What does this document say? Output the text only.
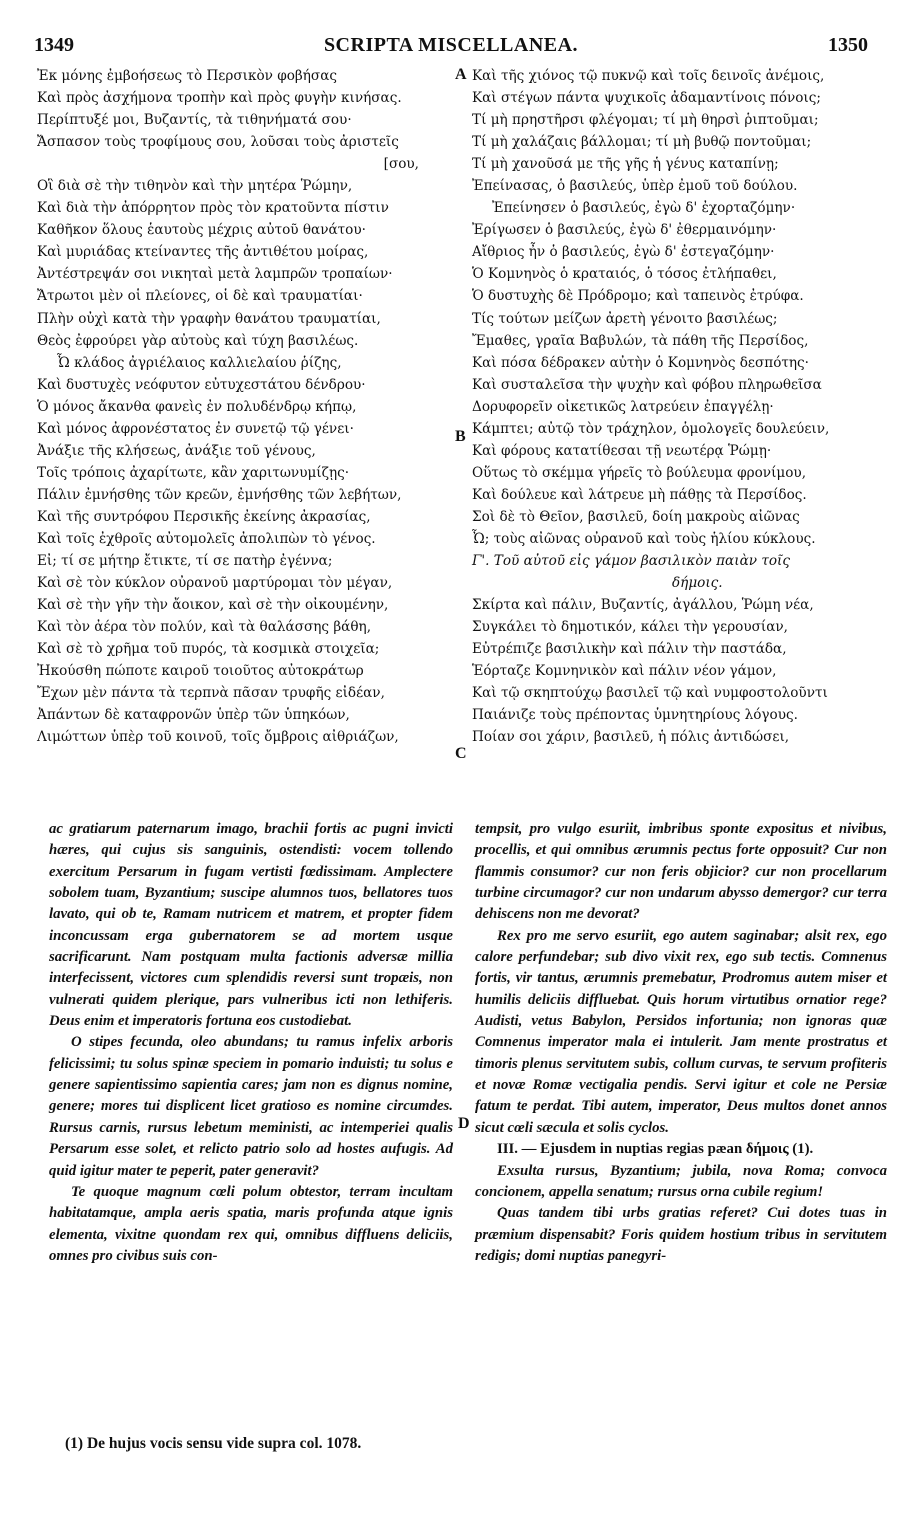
1349	SCRIPTA MISCELLANEA.	1350
Ἐκ μόνης ἐμβοήσεως τὸ Περσικὸν φοβήσας
Καὶ πρὸς ἀσχήμονα τροπὴν καὶ πρὸς φυγὴν κινήσας.
Περίπτυξέ μοι, Βυζαντίς, τὰ τιθηνήματά σου·
Ἄσπασον τοὺς τροφίμους σου, λοῦσαι τοὺς ἀριστεῖς
[σου,
Οἳ διὰ σὲ τὴν τιθηνὸν καὶ τὴν μητέρα Ῥώμην,
Καὶ διὰ τὴν ἀπόρρητον πρὸς τὸν κρατοῦντα πίστιν
Καθῆκον ὅλους ἑαυτοὺς μέχρις αὐτοῦ θανάτου·
Καὶ μυριάδας κτείναντες τῆς ἀντιθέτου μοίρας,
Ἀντέστρεψάν σοι νικηταὶ μετὰ λαμπρῶν τροπαίων·
Ἄτρωτοι μὲν οἱ πλείονες, οἱ δὲ καὶ τραυματίαι·
Πλὴν οὐχὶ κατὰ τὴν γραφὴν θανάτου τραυματίαι,
Θεὸς ἐφρούρει γὰρ αὐτοὺς καὶ τύχη βασιλέως.
Ὦ κλάδος ἀγριέλαιος καλλιελαίου ῥίζης,
Καὶ δυστυχὲς νεόφυτον εὐτυχεστάτου δένδρου·
Ὁ μόνος ἄκανθα φανεὶς ἐν πολυδένδρῳ κήπῳ,
Καὶ μόνος ἀφρονέστατος ἐν συνετῷ τῷ γένει·
Ἀνάξιε τῆς κλήσεως, ἀνάξιε τοῦ γένους,
Τοῖς τρόποις ἀχαρίτωτε, κἂν χαριτωνυμίζῃς·
Πάλιν ἐμνήσθης τῶν κρεῶν, ἐμνήσθης τῶν λεβήτων,
Καὶ τῆς συντρόφου Περσικῆς ἐκείνης ἀκρασίας,
Καὶ τοῖς ἐχθροῖς αὐτομολεῖς ἀπολιπὼν τὸ γένος.
Εἰ; τί σε μήτηρ ἔτικτε, τί σε πατὴρ ἐγέννα;
Καὶ σὲ τὸν κύκλον οὐρανοῦ μαρτύρομαι τὸν μέγαν,
Καὶ σὲ τὴν γῆν τὴν ἄοικον, καὶ σὲ τὴν οἰκουμένην,
Καὶ τὸν ἀέρα τὸν πολύν, καὶ τὰ θαλάσσης βάθη,
Καὶ σὲ τὸ χρῆμα τοῦ πυρός, τὰ κοσμικὰ στοιχεῖα;
Ἠκούσθη πώποτε καιροῦ τοιοῦτος αὐτοκράτωρ
Ἔχων μὲν πάντα τὰ τερπνὰ πᾶσαν τρυφῆς εἰδέαν,
Ἀπάντων δὲ καταφρονῶν ὑπὲρ τῶν ὑπηκόων,
Λιμώττων ὑπὲρ τοῦ κοινοῦ, τοῖς ὄμβροις αἰθριάζων,
Καὶ τῆς χιόνος τῷ πυκνῷ καὶ τοῖς δεινοῖς ἀνέμοις,
Καὶ στέγων πάντα ψυχικοῖς ἀδαμαντίνοις πόνοις;
Τί μὴ πρηστῆρσι φλέγομαι; τί μὴ θηρσὶ ῥιπτοῦμαι;
Τί μὴ χαλάζαις βάλλομαι; τί μὴ βυθῷ ποντοῦμαι;
Τί μὴ χανοῦσά με τῆς γῆς ἡ γένυς καταπίνῃ;
Ἐπείνασας, ὁ βασιλεύς, ὑπὲρ ἐμοῦ τοῦ δούλου.
Ἐπείνησεν ὁ βασιλεύς, ἐγὼ δ' ἐχορταζόμην·
Ἐρίγωσεν ὁ βασιλεύς, ἐγὼ δ' ἐθερμαινόμην·
Αἴθριος ἦν ὁ βασιλεύς, ἐγὼ δ' ἐστεγαζόμην·
Ὁ Κομνηνὸς ὁ κραταιός, ὁ τόσος ἐτλήπαθει,
Ὁ δυστυχὴς δὲ Πρόδρομο; καὶ ταπεινὸς ἐτρύφα.
Τίς τούτων μείζων ἀρετὴ γένοιτο βασιλέως;
Ἔμαθες, γραῖα Βαβυλών, τὰ πάθη τῆς Περσίδος,
Καὶ πόσα δέδρακεν αὐτὴν ὁ Κομνηνὸς δεσπότης·
Καὶ συσταλεῖσα τὴν ψυχὴν καὶ φόβου πληρωθεῖσα
Δορυφορεῖν οἰκετικῶς λατρεύειν ἐπαγγέλῃ·
Κάμπτει; αὐτῷ τὸν τράχηλον, ὁμολογεῖς δουλεύειν,
Καὶ φόρους κατατίθεσαι τῇ νεωτέρᾳ Ῥώμῃ·
Οὕτως τὸ σκέμμα γήρεῖς τὸ βούλευμα φρονίμου,
Καὶ δούλευε καὶ λάτρευε μὴ πάθῃς τὰ Περσίδος.
Σοὶ δὲ τὸ Θεῖον, βασιλεῦ, δοίη μακροὺς αἰῶνας
Ὦ; τοὺς αἰῶνας οὐρανοῦ καὶ τοὺς ἡλίου κύκλους.
Γ'. Τοῦ αὐτοῦ εἰς γάμον βασιλικὸν παιὰν τοῖς
δήμοις.
Σκίρτα καὶ πάλιν, Βυζαντίς, ἀγάλλου, Ῥώμη νέα,
Συγκάλει τὸ δημοτικόν, κάλει τὴν γερουσίαν,
Εὐτρέπιζε βασιλικὴν καὶ πάλιν τὴν παστάδα,
Ἑόρταζε Κομνηνικὸν καὶ πάλιν νέον γάμον,
Καὶ τῷ σκηπτούχῳ βασιλεῖ τῷ καὶ νυμφοστολοῦντι
Παιάνιζε τοὺς πρέποντας ὑμνητηρίους λόγους.
Ποίαν σοι χάριν, βασιλεῦ, ἡ πόλις ἀντιδώσει,
A
B
C
D

ac gratiarum paternarum imago, brachii fortis ac pugni invicti hæres, qui cujus sis sanguinis, ostendisti: vocem tollendo exercitum Persarum in fugam vertisti fœdissimam. Amplectere sobolem tuam, Byzantium; suscipe alumnos tuos, bellatores tuos lavato, qui ob te, Ramam nutricem et matrem, et propter fidem inconcussam erga gubernatorem se ad mortem usque sacrificarunt. Nam postquam multa factionis adversæ millia interfecissent, victores cum splendidis reversi sunt tropæis, non vulnerati quidem plerique, pars vulneribus icti non lethiferis. Deus enim et imperatoris fortuna eos custodiebat.

O stipes fecunda, oleo abundans; tu ramus infelix arboris felicissimi; tu solus spinæ speciem in pomario induisti; tu solus e genere sapientissimo sapientia cares; jam non es dignus nomine, genere; mores tui displicent licet gratioso es nomine circumdes. Rursus carnis, rursus lebetum meministi, ac intemperiei qualis Persarum esse solet, et relicto patrio solo ad hostes aufugis. Ad quid igitur mater te peperit, pater generavit?

Te quoque magnum cœli polum obtestor, terram incultam habitatamque, ampla aeris spatia, maris profunda atque ignis elementa, vixitne quondam rex qui, omnibus diffluens deliciis, omnes pro civibus suis con-

tempsit, pro vulgo esuriit, imbribus sponte expositus et nivibus, procellis, et qui omnibus ærumnis pectus forte opposuit? Cur non flammis consumor? cur non feris objicior? cur non procellarum turbine circumagor? cur non undarum abysso demergor? cur terra dehiscens non me devorat?

Rex pro me servo esuriit, ego autem saginabar; alsit rex, ego calore perfundebar; sub divo vixit rex, ego sub tectis. Comnenus fortis, vir tantus, ærumnis premebatur, Prodromus autem miser et humilis deliciis diffluebat. Quis horum virtutibus ornatior rege? Audisti, vetus Babylon, Persidos infortunia; non ignoras quæ Comnenus imperator mala ei intulerit. Jam mente prostratus et timoris plenus servitutem subis, collum curvas, te servum profiteris et novæ Romæ vectigalia pendis. Servi igitur et cole ne Persiæ fatum te perdat. Tibi autem, imperator, Deus multos donet annos sicut cœli sæcula et solis cyclos.

III. — Ejusdem in nuptias regias pæan δήμοις (1).

Exsulta rursus, Byzantium; jubila, nova Roma; convoca concionem, appella senatum; rursus orna cubile regium!

Quas tandem tibi urbs gratias referet? Cui dotes tuas in præmium dispensabit? Foris quidem hostium tribus in servitutem redigis; domi nuptias panegyri-

(1) De hujus vocis sensu vide supra col. 1078.
